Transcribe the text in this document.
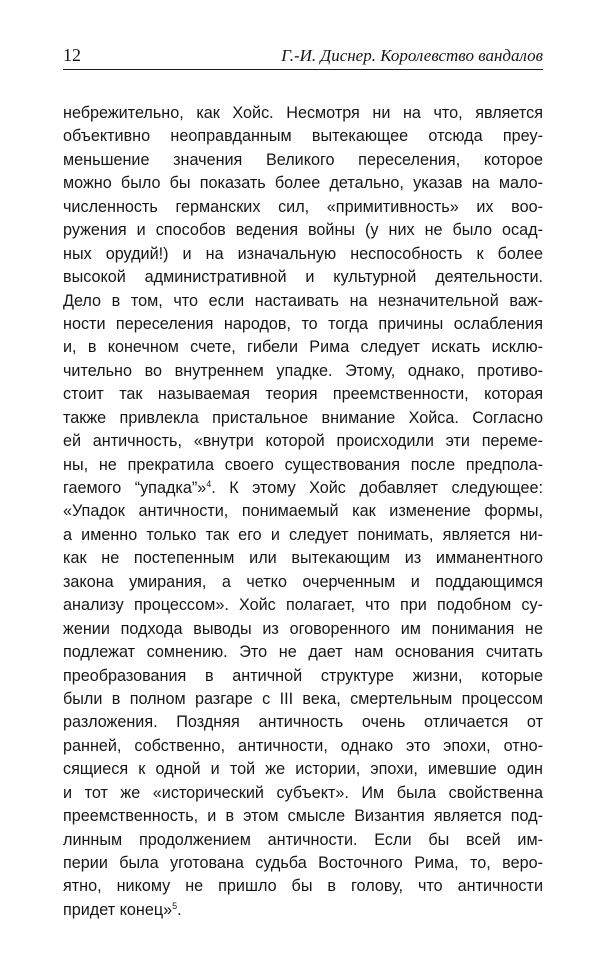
12	Г.-И. Диснер. Королевство вандалов
небрежительно, как Хойс. Несмотря ни на что, является
объективно неоправданным вытекающее отсюда преу-
меньшение значения Великого переселения, которое
можно было бы показать более детально, указав на мало-
численность германских сил, «примитивность» их воо-
ружения и способов ведения войны (у них не было осад-
ных орудий!) и на изначальную неспособность к более
высокой административной и культурной деятельности.
Дело в том, что если настаивать на незначительной важ-
ности переселения народов, то тогда причины ослабления
и, в конечном счете, гибели Рима следует искать исклю-
чительно во внутреннем упадке. Этому, однако, противо-
стоит так называемая теория преемственности, которая
также привлекла пристальное внимание Хойса. Согласно
ей античность, «внутри которой происходили эти переме-
ны, не прекратила своего существования после предпола-
гаемого “упадка”»$^4$. К этому Хойс добавляет следующее:
«Упадок античности, понимаемый как изменение формы,
а именно только так его и следует понимать, является ни-
как не постепенным или вытекающим из имманентного
закона умирания, а четко очерченным и поддающимся
анализу процессом». Хойс полагает, что при подобном су-
жении подхода выводы из оговоренного им понимания не
подлежат сомнению. Это не дает нам основания считать
преобразования в античной структуре жизни, которые
были в полном разгаре с III века, смертельным процессом
разложения. Поздняя античность очень отличается от
ранней, собственно, античности, однако это эпохи, отно-
сящиеся к одной и той же истории, эпохи, имевшие один
и тот же «исторический субъект». Им была свойственна
преемственность, и в этом смысле Византия является под-
линным продолжением античности. Если бы всей им-
перии была уготована судьба Восточного Рима, то, веро-
ятно, никому не пришло бы в голову, что античности
придет конец»$^5$.
